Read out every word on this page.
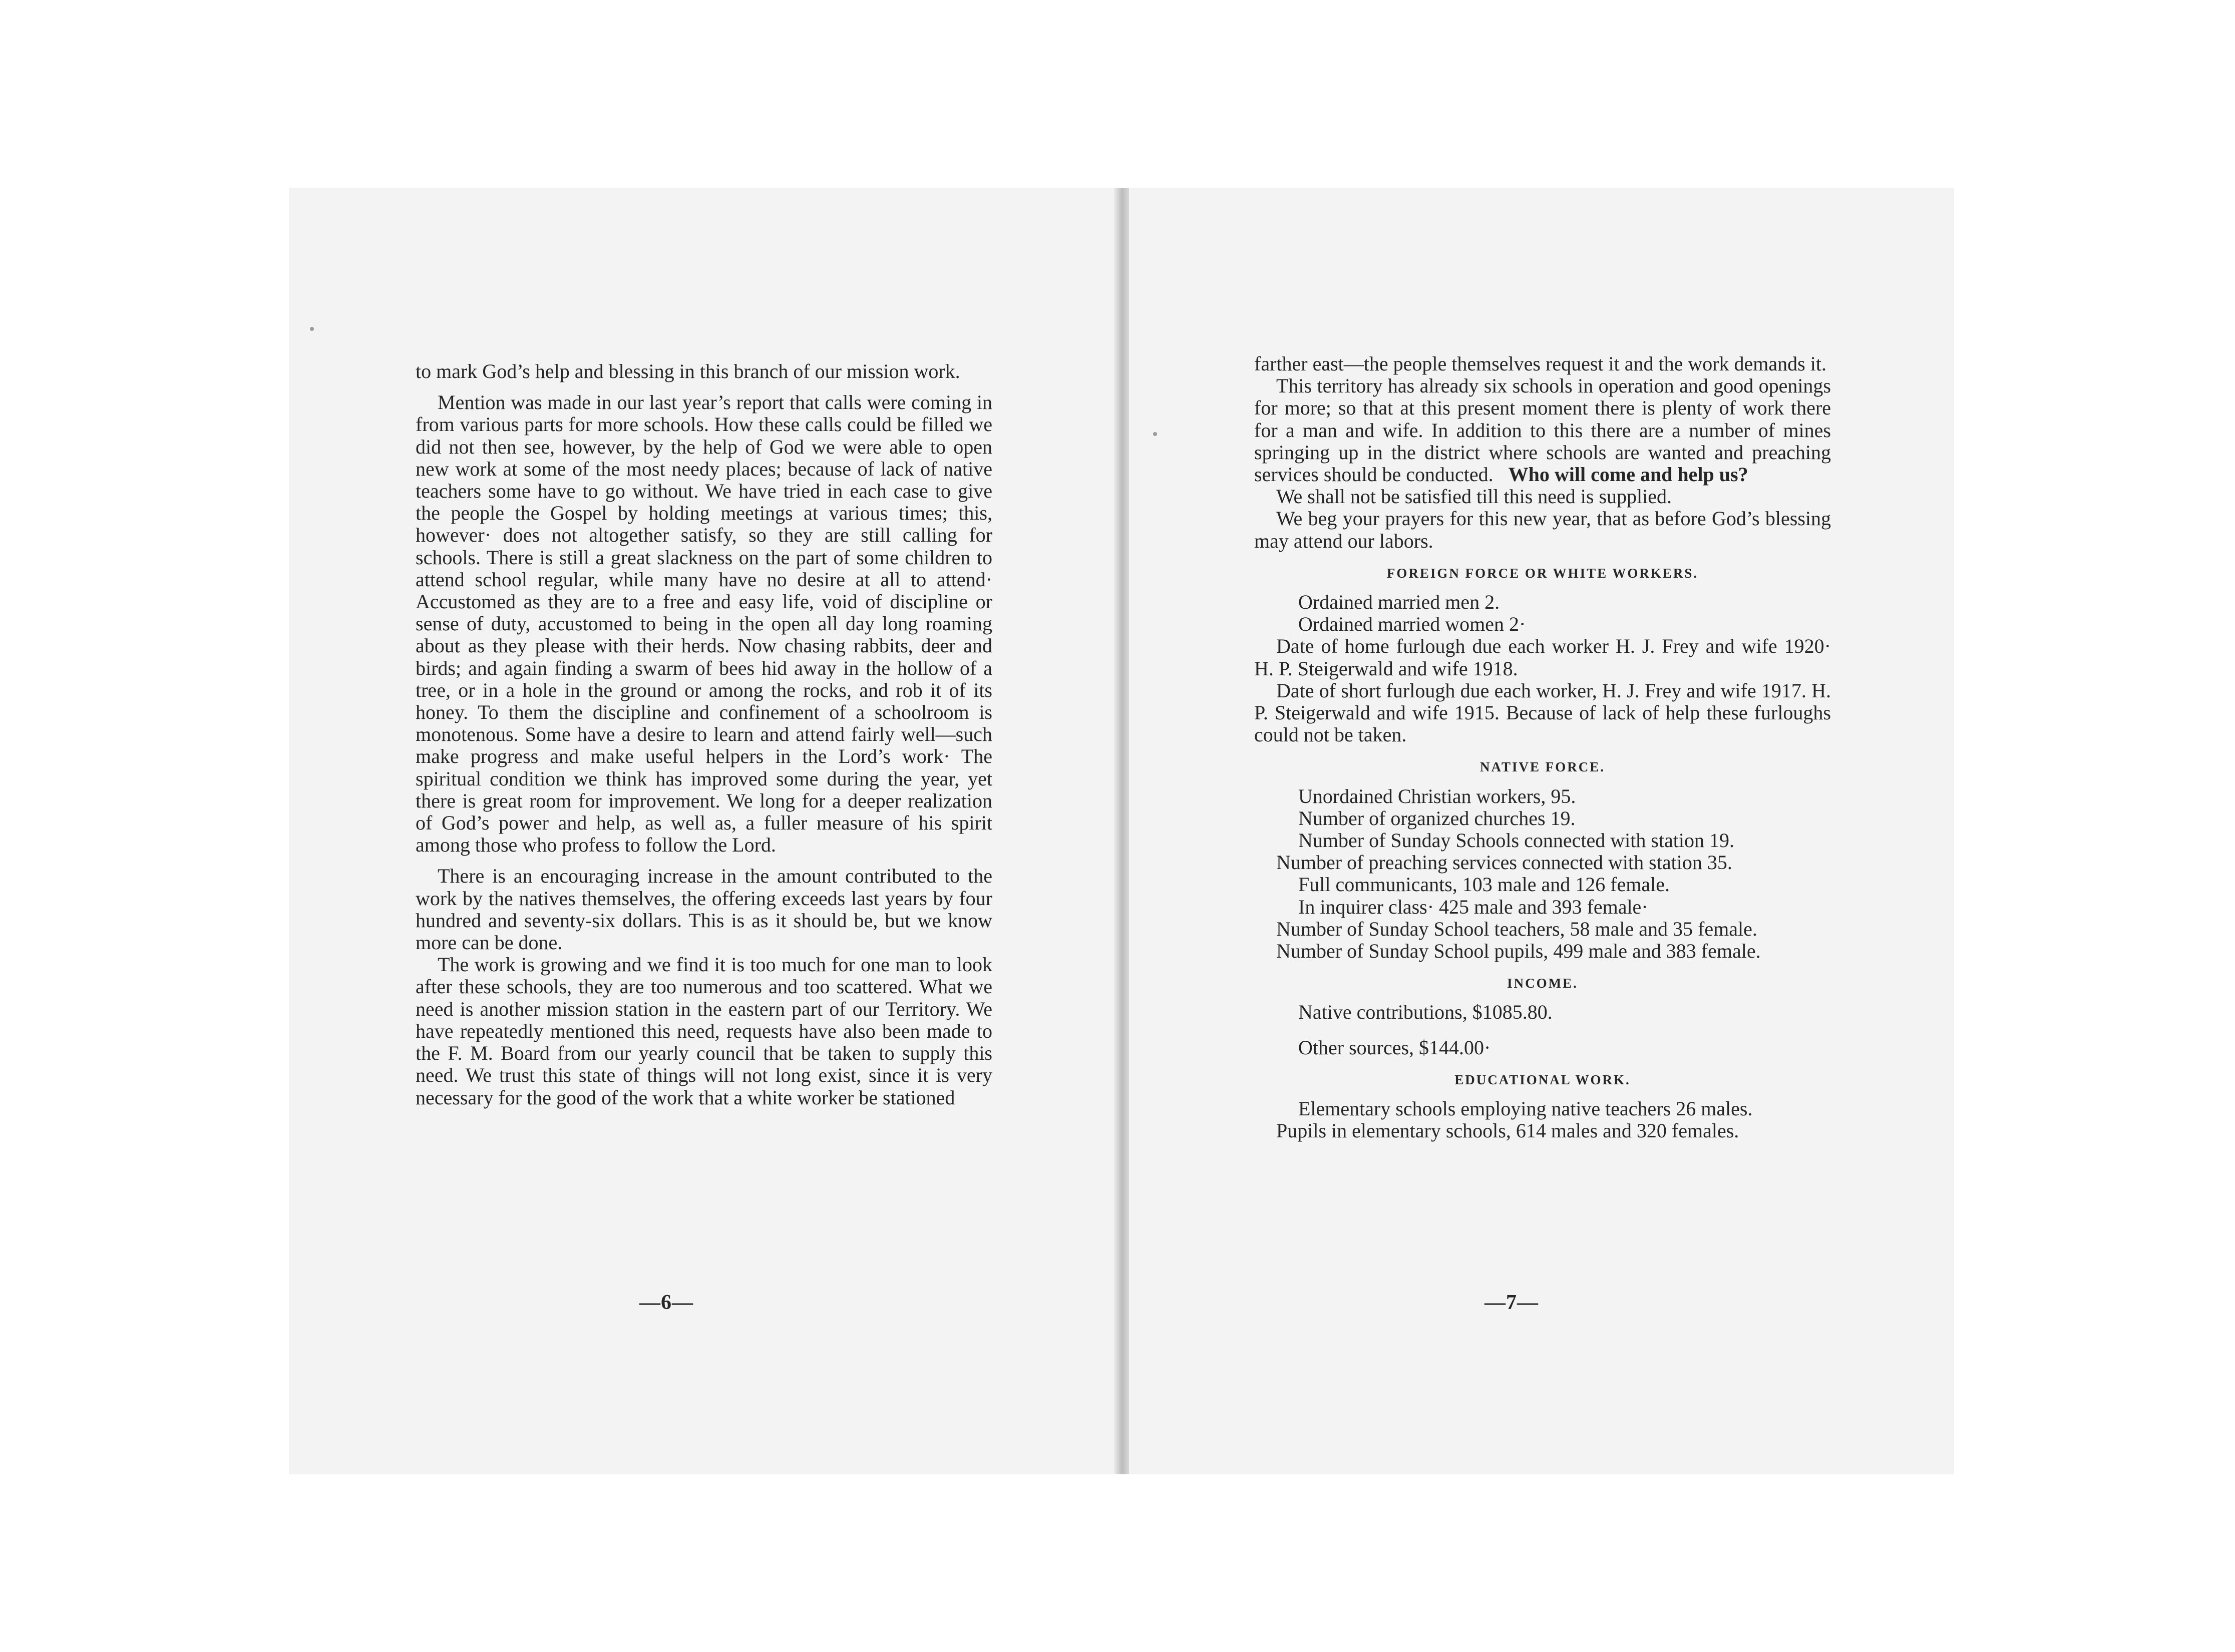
to mark God’s help and blessing in this branch of our mission work.

Mention was made in our last year’s report that calls were coming in from various parts for more schools. How these calls could be filled we did not then see, however, by the help of God we were able to open new work at some of the most needy places; because of lack of native teachers some have to go without. We have tried in each case to give the people the Gospel by holding meetings at various times; this, however· does not altogether satisfy, so they are still calling for schools. There is still a great slackness on the part of some children to attend school regular, while many have no desire at all to attend· Accustomed as they are to a free and easy life, void of discipline or sense of duty, accustomed to being in the open all day long roaming about as they please with their herds. Now chasing rabbits, deer and birds; and again finding a swarm of bees hid away in the hollow of a tree, or in a hole in the ground or among the rocks, and rob it of its honey. To them the discipline and confinement of a schoolroom is monotenous. Some have a desire to learn and attend fairly well—such make progress and make useful helpers in the Lord’s work· The spiritual condition we think has improved some during the year, yet there is great room for improvement. We long for a deeper realization of God’s power and help, as well as, a fuller measure of his spirit among those who profess to follow the Lord.

There is an encouraging increase in the amount contributed to the work by the natives themselves, the offering exceeds last years by four hundred and seventy-six dollars. This is as it should be, but we know more can be done.

The work is growing and we find it is too much for one man to look after these schools, they are too numerous and too scattered. What we need is another mission station in the eastern part of our Territory. We have repeatedly mentioned this need, requests have also been made to the F. M. Board from our yearly council that be taken to supply this need. We trust this state of things will not long exist, since it is very necessary for the good of the work that a white worker be stationed

—6—

farther east—the people themselves request it and the work demands it.

This territory has already six schools in operation and good openings for more; so that at this present moment there is plenty of work there for a man and wife. In addition to this there are a number of mines springing up in the district where schools are wanted and preaching services should be conducted. Who will come and help us?

We shall not be satisfied till this need is supplied.

We beg your prayers for this new year, that as before God’s blessing may attend our labors.

FOREIGN FORCE OR WHITE WORKERS.

Ordained married men 2.

Ordained married women 2·

Date of home furlough due each worker H. J. Frey and wife 1920· H. P. Steigerwald and wife 1918.

Date of short furlough due each worker, H. J. Frey and wife 1917. H. P. Steigerwald and wife 1915. Because of lack of help these furloughs could not be taken.

NATIVE FORCE.

Unordained Christian workers, 95.

Number of organized churches 19.

Number of Sunday Schools connected with station 19.

Number of preaching services connected with station 35.

Full communicants, 103 male and 126 female.

In inquirer class· 425 male and 393 female·

Number of Sunday School teachers, 58 male and 35 female.

Number of Sunday School pupils, 499 male and 383 female.

INCOME.

Native contributions, $1085.80.

Other sources, $144.00·

EDUCATIONAL WORK.

Elementary schools employing native teachers 26 males.

Pupils in elementary schools, 614 males and 320 females.

—7—
